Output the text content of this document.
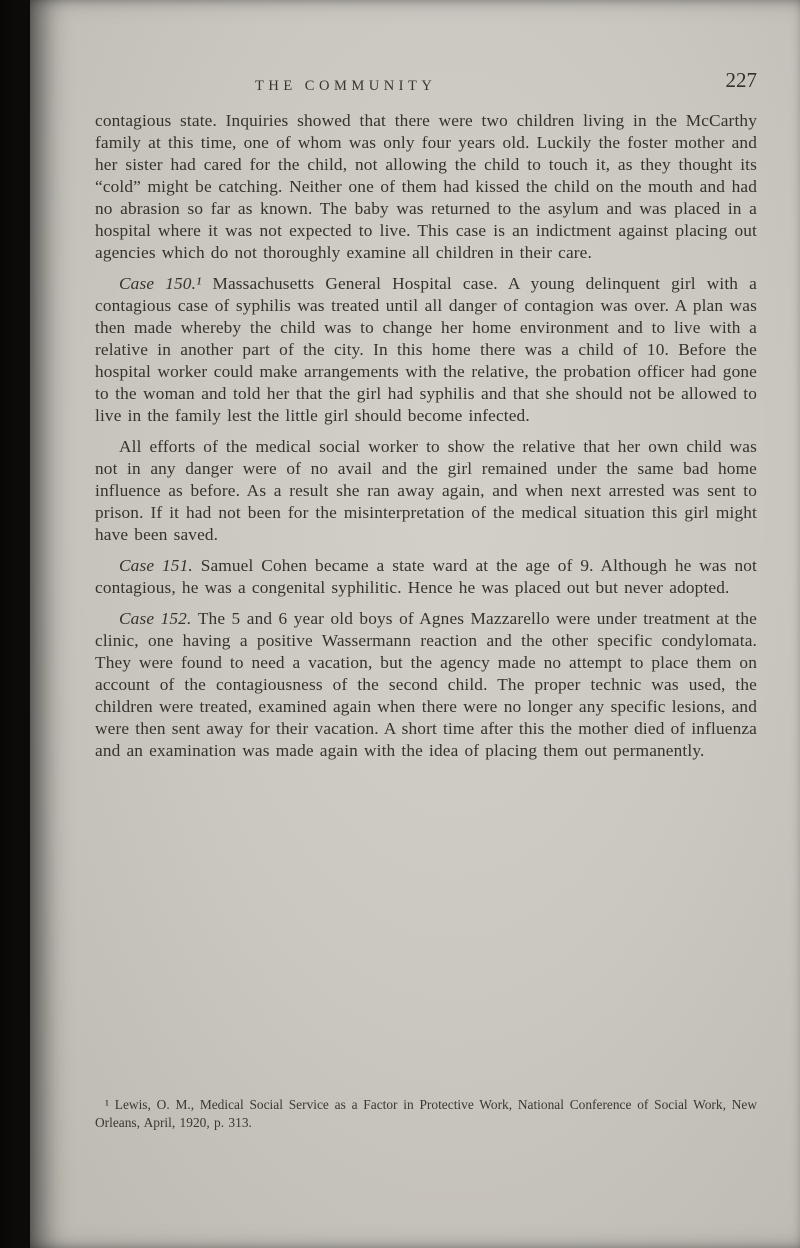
THE COMMUNITY	227

contagious state. Inquiries showed that there were two children living in the McCarthy family at this time, one of whom was only four years old. Luckily the foster mother and her sister had cared for the child, not allowing the child to touch it, as they thought its “cold” might be catching. Neither one of them had kissed the child on the mouth and had no abrasion so far as known. The baby was returned to the asylum and was placed in a hospital where it was not expected to live. This case is an indictment against placing out agencies which do not thoroughly examine all children in their care.

Case 150.¹ Massachusetts General Hospital case. A young delinquent girl with a contagious case of syphilis was treated until all danger of contagion was over. A plan was then made whereby the child was to change her home environment and to live with a relative in another part of the city. In this home there was a child of 10. Before the hospital worker could make arrangements with the relative, the probation officer had gone to the woman and told her that the girl had syphilis and that she should not be allowed to live in the family lest the little girl should become infected.

All efforts of the medical social worker to show the relative that her own child was not in any danger were of no avail and the girl remained under the same bad home influence as before. As a result she ran away again, and when next arrested was sent to prison. If it had not been for the misinterpretation of the medical situation this girl might have been saved.

Case 151. Samuel Cohen became a state ward at the age of 9. Although he was not contagious, he was a congenital syphilitic. Hence he was placed out but never adopted.

Case 152. The 5 and 6 year old boys of Agnes Mazzarello were under treatment at the clinic, one having a positive Wassermann reaction and the other specific condylomata. They were found to need a vacation, but the agency made no attempt to place them on account of the contagiousness of the second child. The proper technic was used, the children were treated, examined again when there were no longer any specific lesions, and were then sent away for their vacation. A short time after this the mother died of influenza and an examination was made again with the idea of placing them out permanently.

¹ Lewis, O. M., Medical Social Service as a Factor in Protective Work, National Conference of Social Work, New Orleans, April, 1920, p. 313.
